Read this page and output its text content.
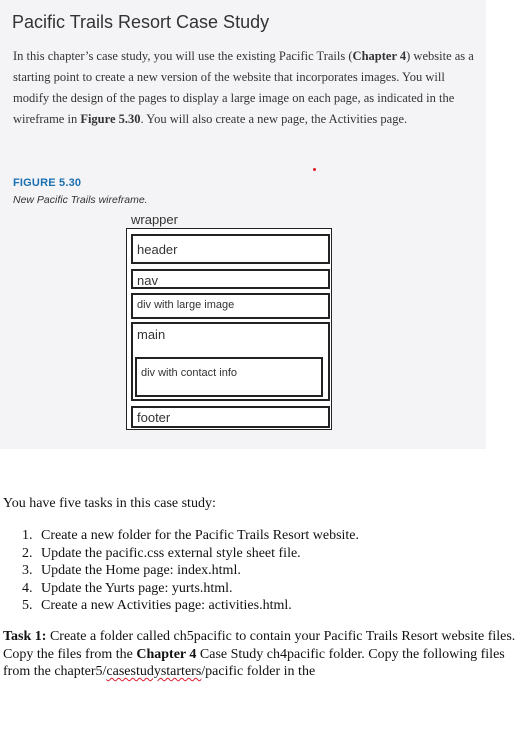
Pacific Trails Resort Case Study

In this chapter’s case study, you will use the existing Pacific Trails (Chapter 4) website as a starting point to create a new version of the website that incorporates images. You will modify the design of the pages to display a large image on each page, as indicated in the wireframe in Figure 5.30. You will also create a new page, the Activities page.

FIGURE 5.30
New Pacific Trails wireframe.
wrapper
header
nav
div with large image
main
div with contact info
footer

You have five tasks in this case study:

1. Create a new folder for the Pacific Trails Resort website.
2. Update the pacific.css external style sheet file.
3. Update the Home page: index.html.
4. Update the Yurts page: yurts.html.
5. Create a new Activities page: activities.html.

Task 1: Create a folder called ch5pacific to contain your Pacific Trails Resort website files. Copy the files from the Chapter 4 Case Study ch4pacific folder. Copy the following files from the chapter5/casestudystarters/pacific folder in the
